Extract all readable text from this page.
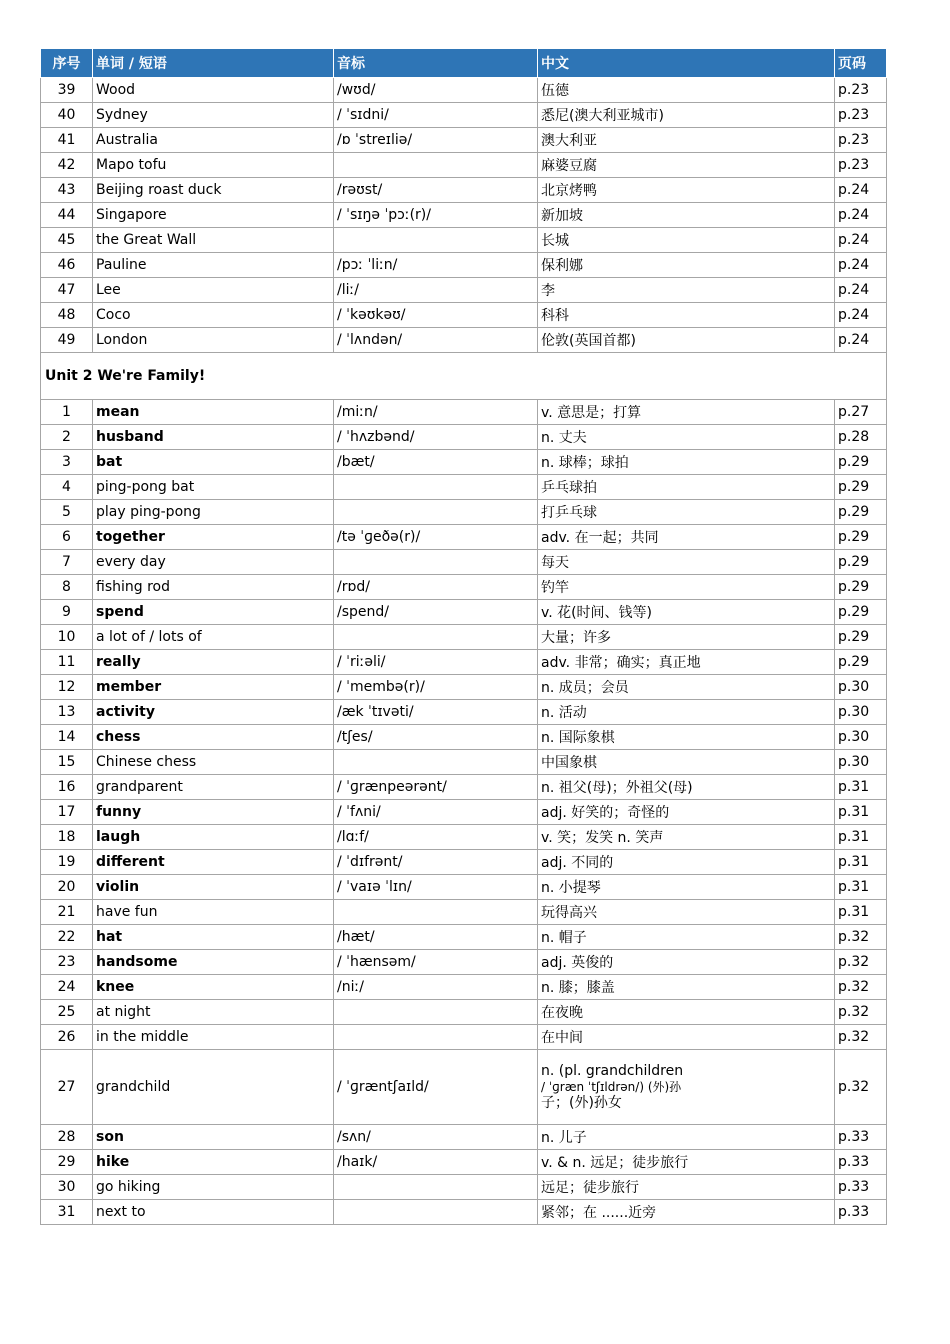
序号	单词 / 短语	音标	中文	页码
39	Wood	/wʊd/	伍德	p.23
40	Sydney	/ ˈsɪdni/	悉尼(澳大利亚城市)	p.23
41	Australia	/ɒ ˈstreɪliə/	澳大利亚	p.23
42	Mapo tofu		麻婆豆腐	p.23
43	Beijing roast duck	/rəʊst/	北京烤鸭	p.24
44	Singapore	/ ˈsɪŋə ˈpɔː(r)/	新加坡	p.24
45	the Great Wall		长城	p.24
46	Pauline	/pɔː ˈliːn/	保利娜	p.24
47	Lee	/liː/	李	p.24
48	Coco	/ ˈkəʊkəʊ/	科科	p.24
49	London	/ ˈlʌndən/	伦敦(英国首都)	p.24
Unit 2 We're Family!				
1	mean	/miːn/	v. 意思是；打算	p.27
2	husband	/ ˈhʌzbənd/	n. 丈夫	p.28
3	bat	/bæt/	n. 球棒；球拍	p.29
4	ping-pong bat		乒乓球拍	p.29
5	play ping-pong		打乒乓球	p.29
6	together	/tə ˈɡeðə(r)/	adv. 在一起；共同	p.29
7	every day		每天	p.29
8	fishing rod	/rɒd/	钓竿	p.29
9	spend	/spend/	v. 花(时间、钱等)	p.29
10	a lot of / lots of		大量；许多	p.29
11	really	/ ˈriːəli/	adv. 非常；确实；真正地	p.29
12	member	/ ˈmembə(r)/	n. 成员；会员	p.30
13	activity	/æk ˈtɪvəti/	n. 活动	p.30
14	chess	/tʃes/	n. 国际象棋	p.30
15	Chinese chess		中国象棋	p.30
16	grandparent	/ ˈɡrænpeərənt/	n. 祖父(母)；外祖父(母)	p.31
17	funny	/ ˈfʌni/	adj. 好笑的；奇怪的	p.31
18	laugh	/lɑːf/	v. 笑；发笑 n. 笑声	p.31
19	different	/ ˈdɪfrənt/	adj. 不同的	p.31
20	violin	/ ˈvaɪə ˈlɪn/	n. 小提琴	p.31
21	have fun		玩得高兴	p.31
22	hat	/hæt/	n. 帽子	p.32
23	handsome	/ ˈhænsəm/	adj. 英俊的	p.32
24	knee	/niː/	n. 膝；膝盖	p.32
25	at night		在夜晚	p.32
26	in the middle		在中间	p.32
27	grandchild	/ ˈɡræntʃaɪld/	n. (pl. grandchildren
/ ˈɡræn ˈtʃɪldrən/) (外)孙
子；(外)孙女	p.32
28	son	/sʌn/	n. 儿子	p.33
29	hike	/haɪk/	v. & n. 远足；徒步旅行	p.33
30	go hiking		远足；徒步旅行	p.33
31	next to		紧邻；在 ......近旁	p.33
